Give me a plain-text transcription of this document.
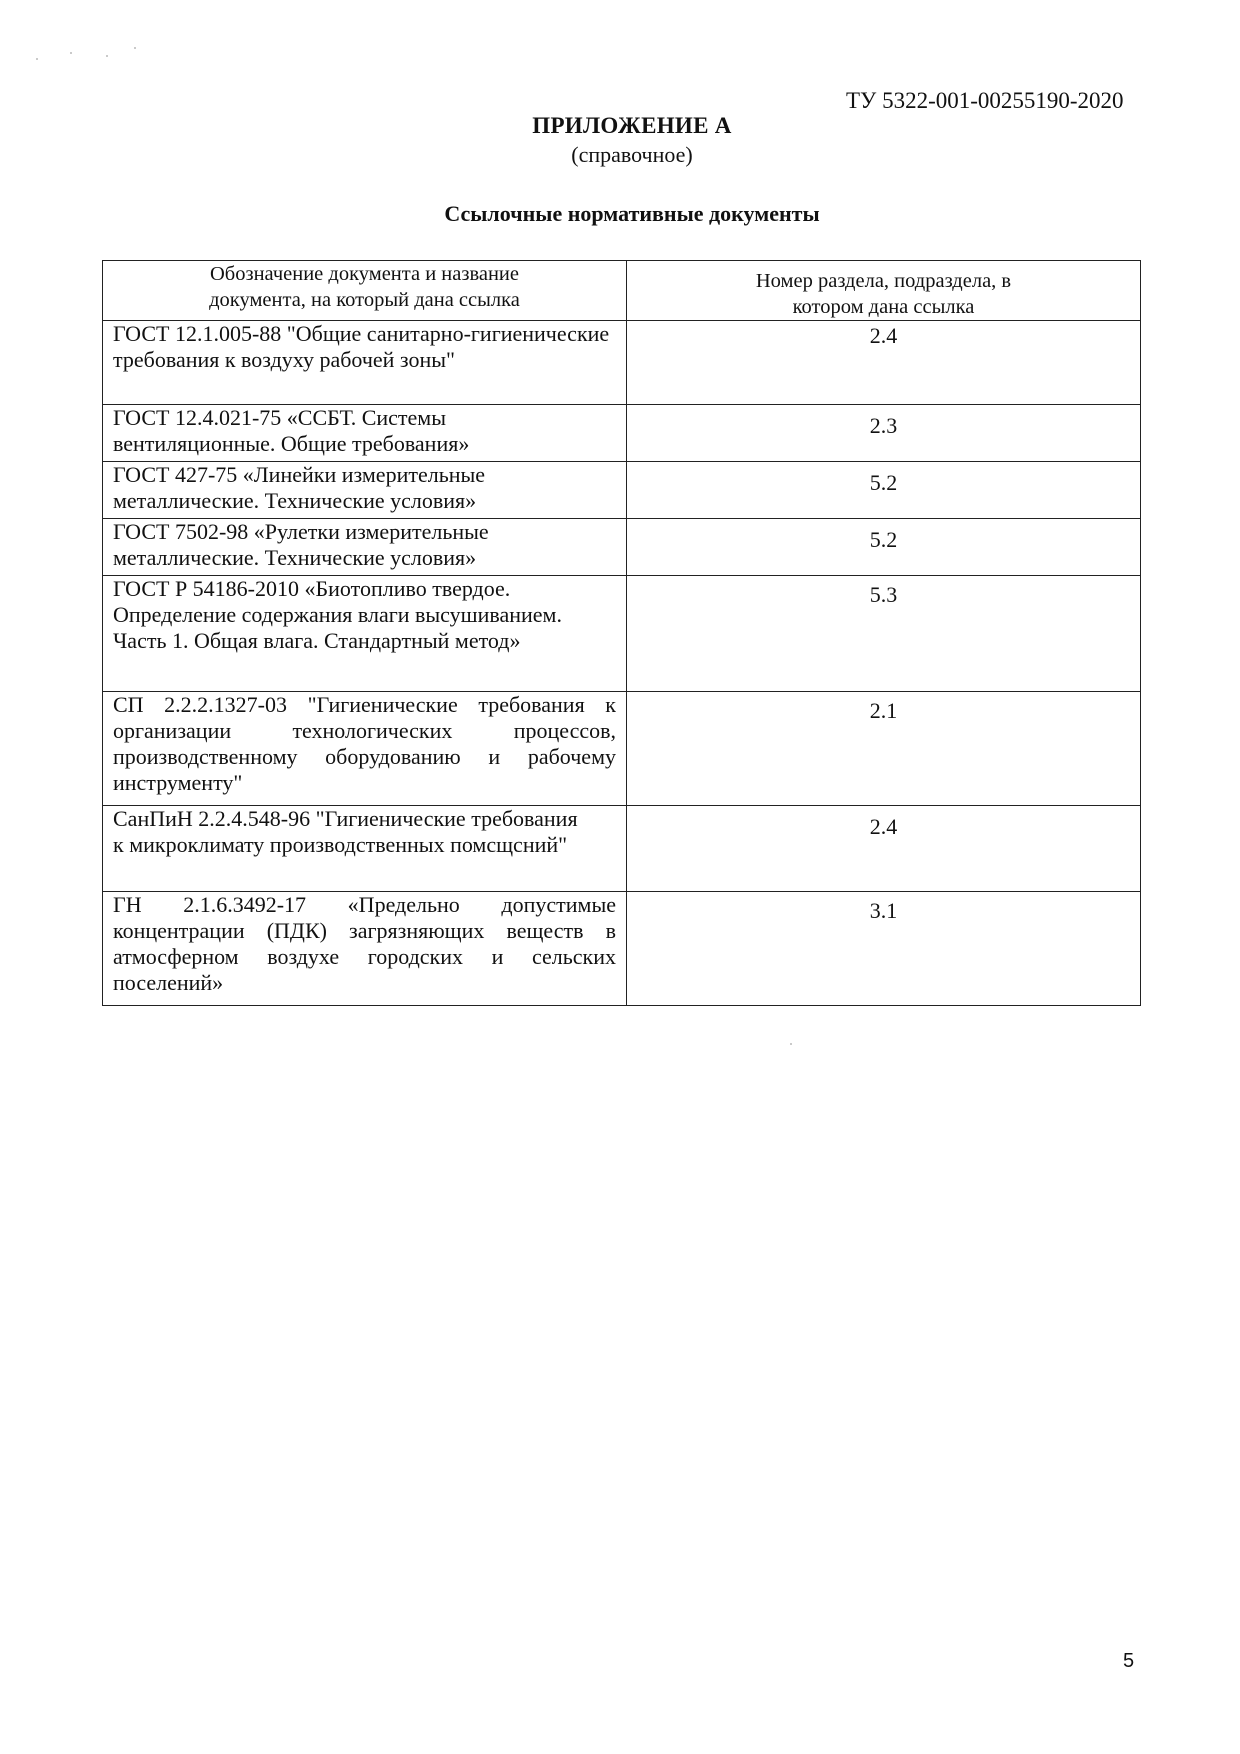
ТУ 5322-001-00255190-2020
ПРИЛОЖЕНИЕ А
(справочное)
Ссылочные нормативные документы
Обозначение документа и название документа, на который дана ссылка	Номер раздела, подраздела, в котором дана ссылка
ГОСТ 12.1.005-88 "Общие санитарно-гигиенические требования к воздуху рабочей зоны"	2.4
ГОСТ 12.4.021-75 «ССБТ. Системы вентиляционные. Общие требования»	2.3
ГОСТ 427-75 «Линейки измерительные металлические. Технические условия»	5.2
ГОСТ 7502-98 «Рулетки измерительные металлические. Технические условия»	5.2
ГОСТ Р 54186-2010 «Биотопливо твердое. Определение содержания влаги высушиванием. Часть 1. Общая влага. Стандартный метод»	5.3
СП 2.2.2.1327-03 "Гигиенические требования к организации технологических процессов, производственному оборудованию и рабочему инструменту"	2.1
СанПиН 2.2.4.548-96 "Гигиенические требования к микроклимату производственных помсщсний"	2.4
ГН 2.1.6.3492-17 «Предельно допустимые концентрации (ПДК) загрязняющих веществ в атмосферном воздухе городских и сельских поселений»	3.1
5
